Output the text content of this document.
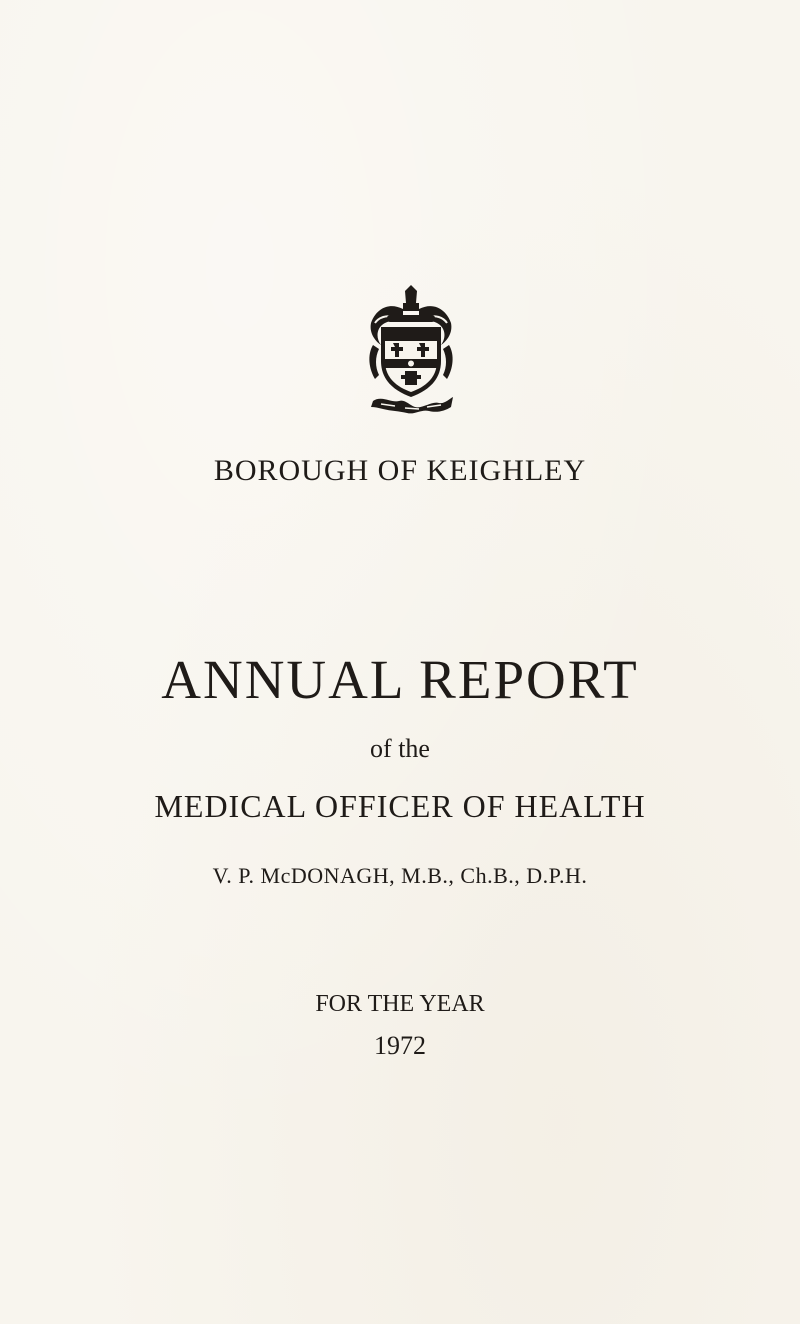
BOROUGH OF KEIGHLEY
ANNUAL REPORT
of the
MEDICAL OFFICER OF HEALTH
V. P. McDONAGH, M.B., Ch.B., D.P.H.
FOR THE YEAR
1972
